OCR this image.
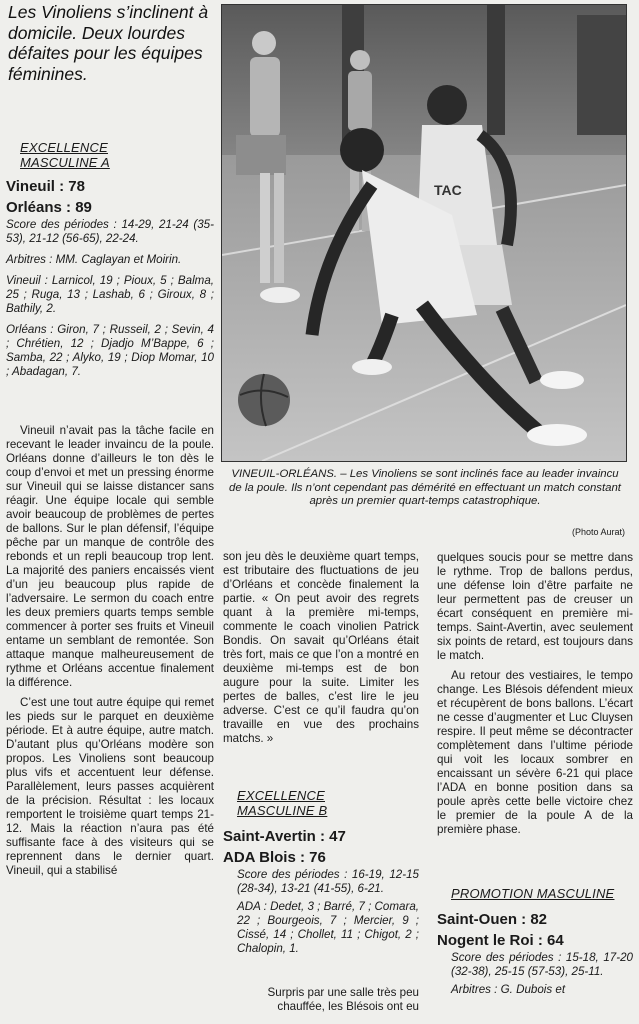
Les Vinoliens s’inclinent à domicile. Deux lourdes défaites pour les équipes féminines.
EXCELLENCE
MASCULINE A
Vineuil : 78
Orléans : 89

Score des périodes : 14-29, 21-24 (35-53), 21-12 (56-65), 22-24.

Arbitres : MM. Caglayan et Moirin.

Vineuil : Larnicol, 19 ; Pioux, 5 ; Balma, 25 ; Ruga, 13 ; Lashab, 6 ; Giroux, 8 ; Bathily, 2.

Orléans : Giron, 7 ; Russeil, 2 ; Sevin, 4 ; Chrétien, 12 ; Djadjo M’Bappe, 6 ; Samba, 22 ; Alyko, 19 ; Diop Momar, 10 ; Abadagan, 7.

Vineuil n’avait pas la tâche facile en recevant le leader invaincu de la poule. Orléans donne d’ailleurs le ton dès le coup d’envoi et met un pressing énorme sur Vineuil qui se laisse distancer sans réagir. Une équipe locale qui semble avoir beaucoup de problèmes de pertes de ballons. Sur le plan défensif, l’équipe pêche par un manque de contrôle des rebonds et un repli beaucoup trop lent. La majorité des paniers encaissés vient d’un jeu beaucoup plus rapide de l’adversaire. Le sermon du coach entre les deux premiers quarts temps semble commencer à porter ses fruits et Vineuil entame un semblant de remontée. Son attaque manque malheureusement de rythme et Orléans accentue finalement la différence.

C’est une tout autre équipe qui remet les pieds sur le parquet en deuxième période. Et à autre équipe, autre match. D’autant plus qu’Orléans modère son propos. Les Vinoliens sont beaucoup plus vifs et accentuent leur défense. Parallèlement, leurs passes acquièrent de la précision. Résultat : les locaux remportent le troisième quart temps 21-12. Mais la réaction n’aura pas été suffisante face à des visiteurs qui se reprennent dans le dernier quart. Vineuil, qui a stabilisé

TAC
VINEUIL-ORLÉANS. – Les Vinoliens se sont inclinés face au leader invaincu de la poule. Ils n’ont cependant pas démérité en effectuant un match constant après un premier quart-temps catastrophique.
(Photo Aurat)

son jeu dès le deuxième quart temps, est tributaire des fluctuations de jeu d’Orléans et concède finalement la partie. « On peut avoir des regrets quant à la première mi-temps, commente le coach vinolien Patrick Bondis. On savait qu’Orléans était très fort, mais ce que l’on a montré en deuxième mi-temps est de bon augure pour la suite. Limiter les pertes de balles, c’est lire le jeu adverse. C’est ce qu’il faudra qu’on travaille en vue des prochains matchs. »

EXCELLENCE
MASCULINE B
Saint-Avertin : 47
ADA Blois : 76

Score des périodes : 16-19, 12-15 (28-34), 13-21 (41-55), 6-21.

ADA : Dedet, 3 ; Barré, 7 ; Comara, 22 ; Bourgeois, 7 ; Mercier, 9 ; Cissé, 14 ; Chollet, 11 ; Chigot, 2 ; Chalopin, 1.

Surpris par une salle très peu chauffée, les Blésois ont eu

quelques soucis pour se mettre dans le rythme. Trop de ballons perdus, une défense loin d’être parfaite ne leur permettent pas de creuser un écart conséquent en première mi-temps. Saint-Avertin, avec seulement six points de retard, est toujours dans le match.

Au retour des vestiaires, le tempo change. Les Blésois défendent mieux et récupèrent de bons ballons. L’écart ne cesse d’augmenter et Luc Cluysen respire. Il peut même se décontracter complètement dans l’ultime période qui voit les locaux sombrer en encaissant un sévère 6-21 qui place l’ADA en bonne position dans sa poule après cette belle victoire chez le premier de la poule A de la première phase.

PROMOTION MASCULINE
Saint-Ouen : 82
Nogent le Roi : 64

Score des périodes : 15-18, 17-20 (32-38), 25-15 (57-53), 25-11.

Arbitres : G. Dubois et
